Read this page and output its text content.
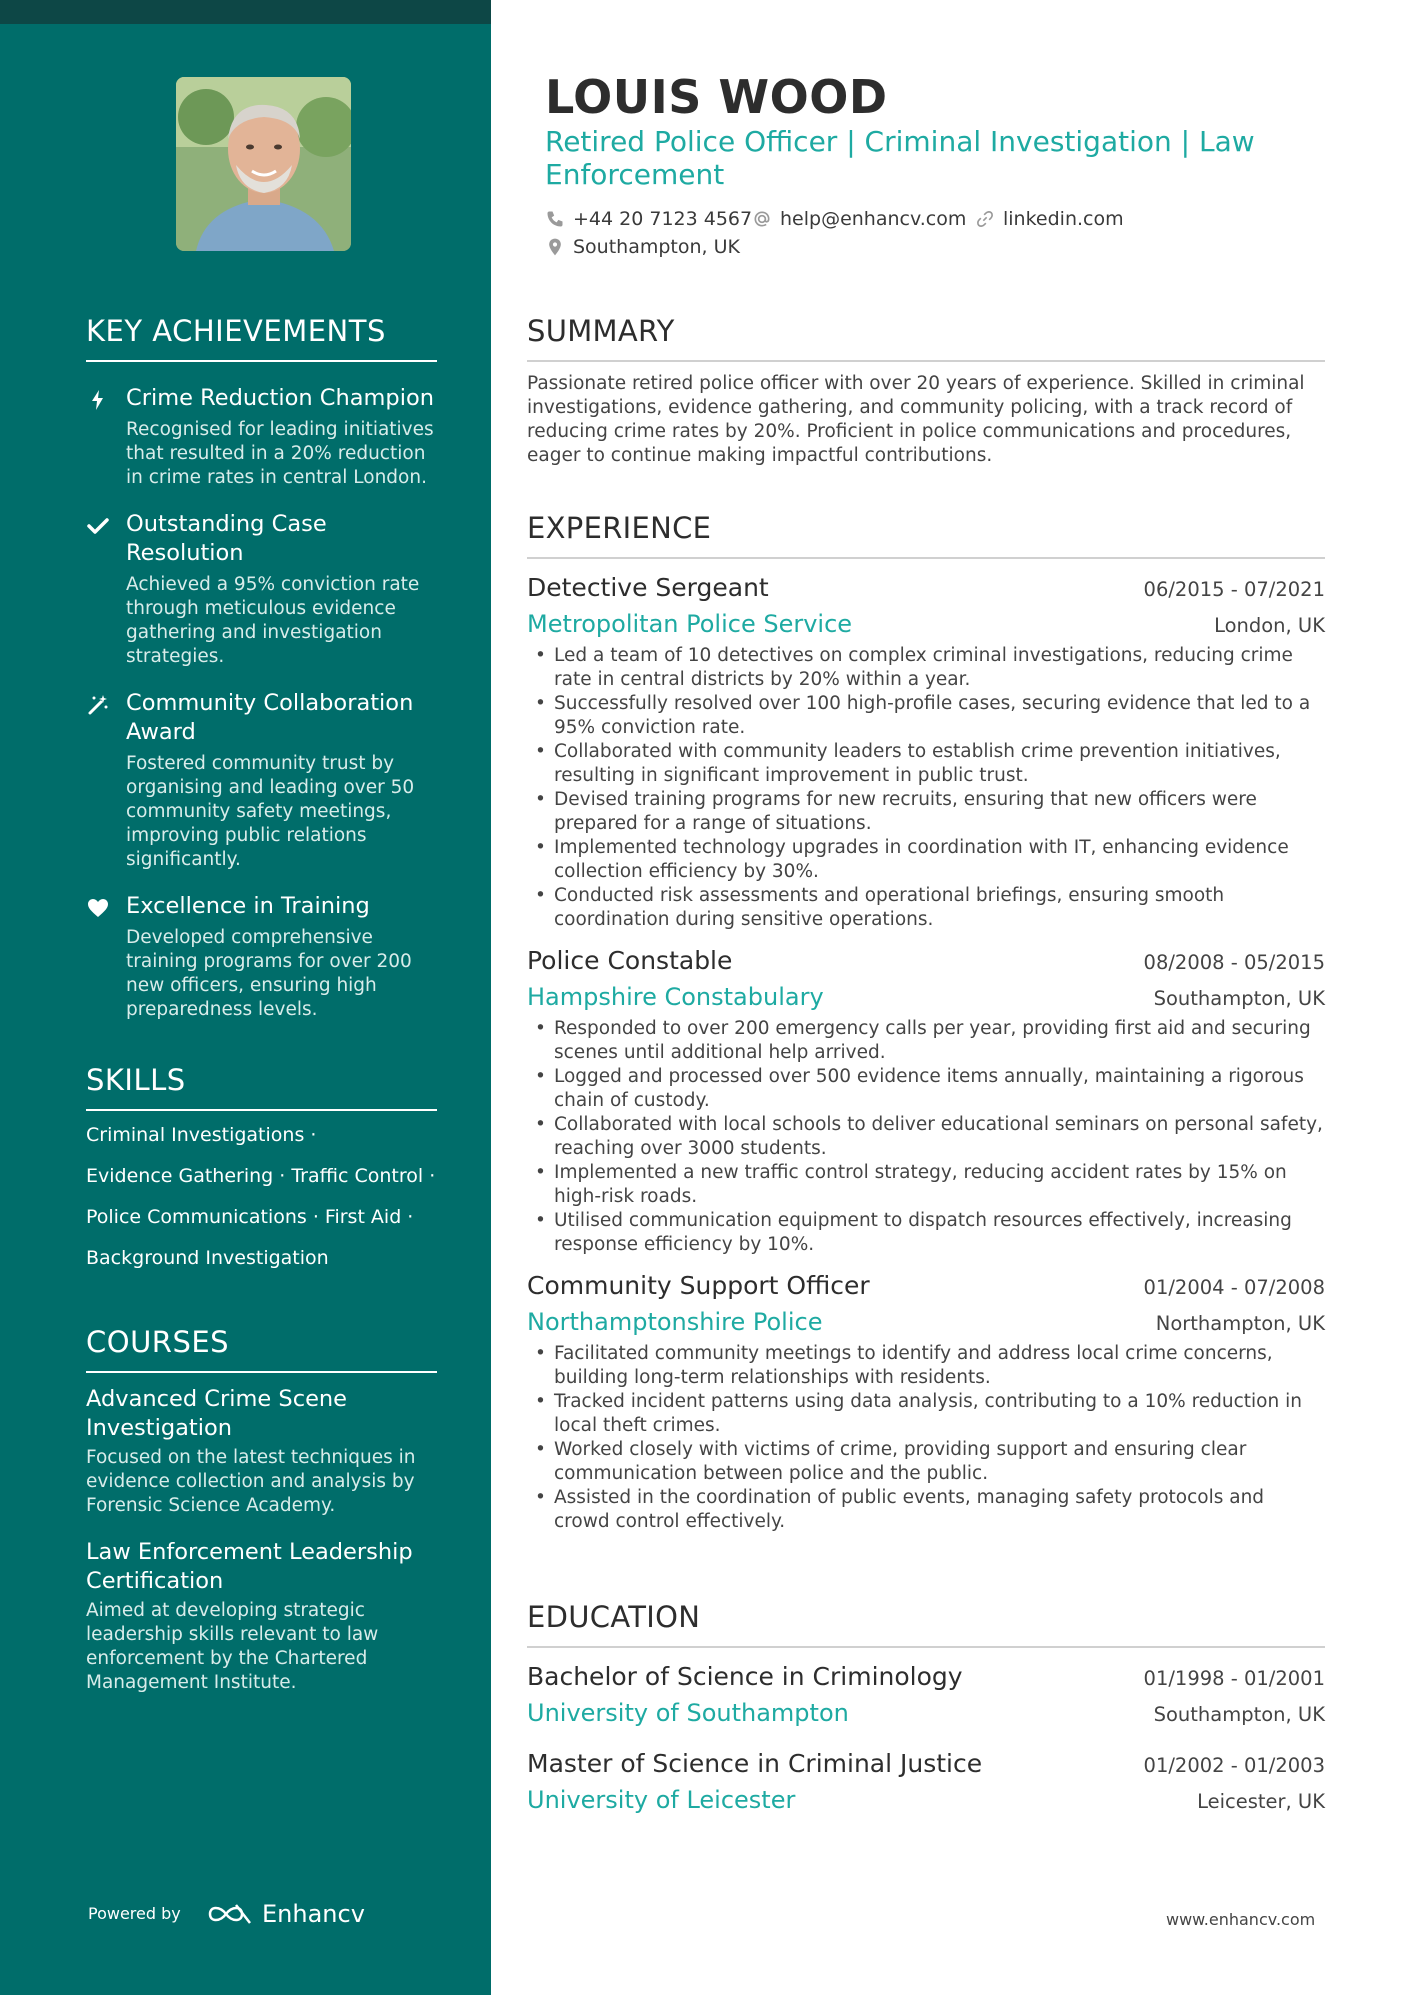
KEY ACHIEVEMENTS
Crime Reduction Champion
Recognised for leading initiatives that resulted in a 20% reduction in crime rates in central London.
Outstanding Case Resolution
Achieved a 95% conviction rate through meticulous evidence gathering and investigation strategies.
Community Collaboration Award
Fostered community trust by organising and leading over 50 community safety meetings, improving public relations significantly.
Excellence in Training
Developed comprehensive training programs for over 200 new officers, ensuring high preparedness levels.
SKILLS
Criminal Investigations ·
Evidence Gathering · Traffic Control ·
Police Communications · First Aid ·
Background Investigation
COURSES
Advanced Crime Scene Investigation
Focused on the latest techniques in evidence collection and analysis by Forensic Science Academy.
Law Enforcement Leadership Certification
Aimed at developing strategic leadership skills relevant to law enforcement by the Chartered Management Institute.
Powered by	Enhancv
LOUIS WOOD
Retired Police Officer | Criminal Investigation | Law Enforcement
+44 20 7123 4567 help@enhancv.com linkedin.com
Southampton, UK
SUMMARY
Passionate retired police officer with over 20 years of experience. Skilled in criminal investigations, evidence gathering, and community policing, with a track record of reducing crime rates by 20%. Proficient in police communications and procedures, eager to continue making impactful contributions.
EXPERIENCE
Detective Sergeant	06/2015 - 07/2021
Metropolitan Police Service	London, UK
• Led a team of 10 detectives on complex criminal investigations, reducing crime rate in central districts by 20% within a year.
• Successfully resolved over 100 high-profile cases, securing evidence that led to a 95% conviction rate.
• Collaborated with community leaders to establish crime prevention initiatives, resulting in significant improvement in public trust.
• Devised training programs for new recruits, ensuring that new officers were prepared for a range of situations.
• Implemented technology upgrades in coordination with IT, enhancing evidence collection efficiency by 30%.
• Conducted risk assessments and operational briefings, ensuring smooth coordination during sensitive operations.
Police Constable	08/2008 - 05/2015
Hampshire Constabulary	Southampton, UK
• Responded to over 200 emergency calls per year, providing first aid and securing scenes until additional help arrived.
• Logged and processed over 500 evidence items annually, maintaining a rigorous chain of custody.
• Collaborated with local schools to deliver educational seminars on personal safety, reaching over 3000 students.
• Implemented a new traffic control strategy, reducing accident rates by 15% on high-risk roads.
• Utilised communication equipment to dispatch resources effectively, increasing response efficiency by 10%.
Community Support Officer	01/2004 - 07/2008
Northamptonshire Police	Northampton, UK
• Facilitated community meetings to identify and address local crime concerns, building long-term relationships with residents.
• Tracked incident patterns using data analysis, contributing to a 10% reduction in local theft crimes.
• Worked closely with victims of crime, providing support and ensuring clear communication between police and the public.
• Assisted in the coordination of public events, managing safety protocols and crowd control effectively.
EDUCATION
Bachelor of Science in Criminology	01/1998 - 01/2001
University of Southampton	Southampton, UK
Master of Science in Criminal Justice	01/2002 - 01/2003
University of Leicester	Leicester, UK
www.enhancv.com
